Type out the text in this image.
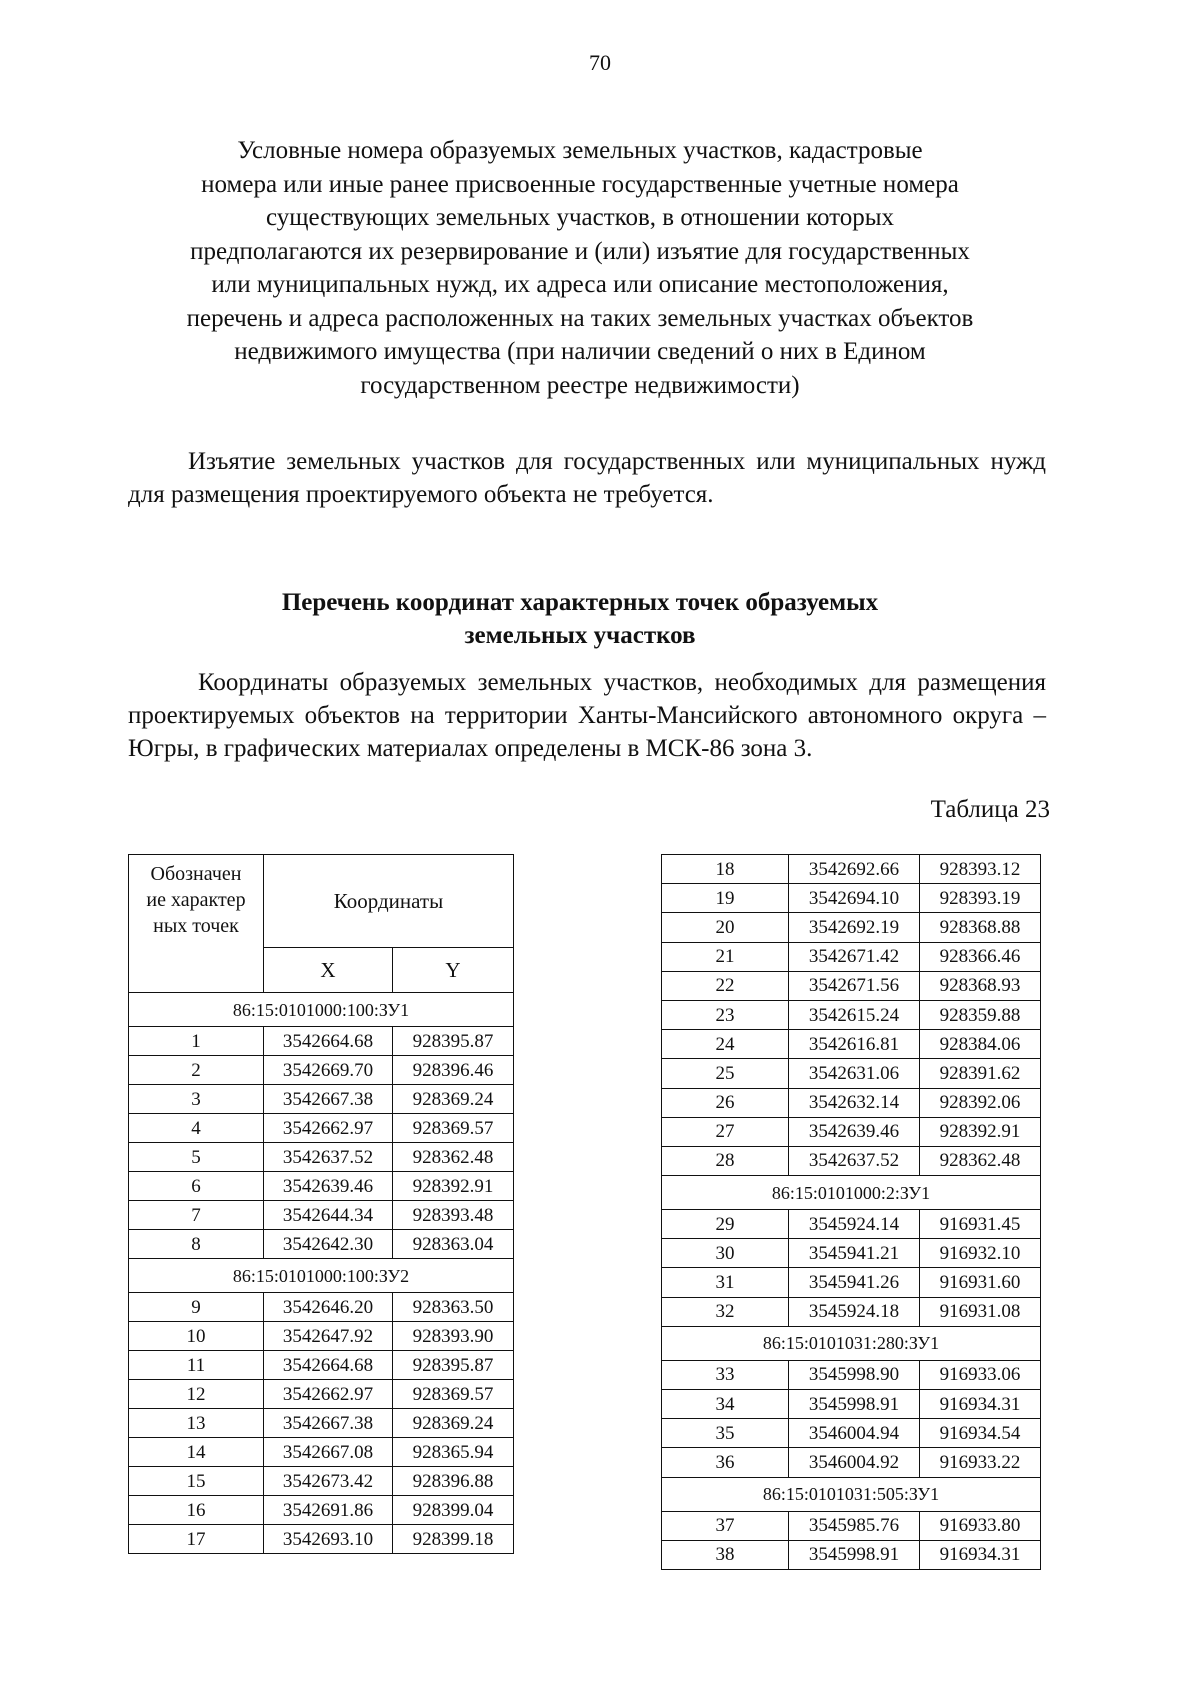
70
Условные номера образуемых земельных участков, кадастровые
номера или иные ранее присвоенные государственные учетные номера
существующих земельных участков, в отношении которых
предполагаются их резервирование и (или) изъятие для государственных
или муниципальных нужд, их адреса или описание местоположения,
перечень и адреса расположенных на таких земельных участках объектов
недвижимого имущества (при наличии сведений о них в Едином
государственном реестре недвижимости)
Изъятие земельных участков для государственных или муниципальных нужд для размещения проектируемого объекта не требуется.
Перечень координат характерных точек образуемых
земельных участков
Координаты образуемых земельных участков, необходимых для размещения проектируемых объектов на территории Ханты-Мансийского автономного округа – Югры, в графических материалах определены в МСК-86 зона 3.
Таблица 23
Обозначение характерных точек	Координаты	
	X	Y
86:15:0101000:100:ЗУ1		
1	3542664.68	928395.87
2	3542669.70	928396.46
3	3542667.38	928369.24
4	3542662.97	928369.57
5	3542637.52	928362.48
6	3542639.46	928392.91
7	3542644.34	928393.48
8	3542642.30	928363.04
86:15:0101000:100:ЗУ2		
9	3542646.20	928363.50
10	3542647.92	928393.90
11	3542664.68	928395.87
12	3542662.97	928369.57
13	3542667.38	928369.24
14	3542667.08	928365.94
15	3542673.42	928396.88
16	3542691.86	928399.04
17	3542693.10	928399.18
18	3542692.66	928393.12
19	3542694.10	928393.19
20	3542692.19	928368.88
21	3542671.42	928366.46
22	3542671.56	928368.93
23	3542615.24	928359.88
24	3542616.81	928384.06
25	3542631.06	928391.62
26	3542632.14	928392.06
27	3542639.46	928392.91
28	3542637.52	928362.48
86:15:0101000:2:ЗУ1		
29	3545924.14	916931.45
30	3545941.21	916932.10
31	3545941.26	916931.60
32	3545924.18	916931.08
86:15:0101031:280:ЗУ1		
33	3545998.90	916933.06
34	3545998.91	916934.31
35	3546004.94	916934.54
36	3546004.92	916933.22
86:15:0101031:505:ЗУ1		
37	3545985.76	916933.80
38	3545998.91	916934.31
